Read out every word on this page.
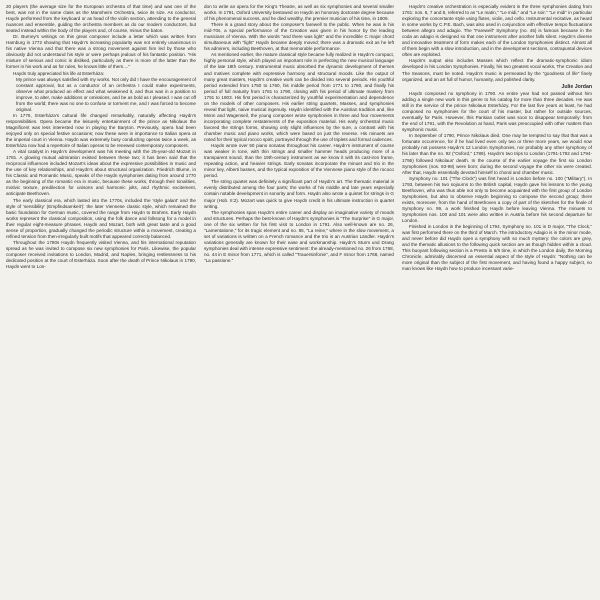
20 players (the average size for the European orchestra of that time) and was one of the best, was not in the same class as the Mannheim Orchestra, twice its size. As conductor, Haydn performed from the keyboard or as head of the violin section, attending to the general nuances and ensemble, guiding the orchestra members as do our modern conductors, but seated instead within the body of the players and, of course, minus the baton.

Dr. Burney's writings on this great composer include a letter which was written from Hamburg in 1772 showing that Haydn's increasing popularity was not entirely unanimous in his native Vienna and that there was a strong movement against him led by those who obviously did not understand his style or were perhaps jealous of his fantastic position. "His mixture of serious and comic is disliked, particularly as there is more of the latter than the former in his work and as for rules, he knows little of them...."

Haydn truly appreciated his life at Esterháza:

My prince was always satisfied with my works. Not only did I have the encouragement of constant approval, but as a conductor of an orchestra I could make experiments, observe what produced an effect and what weakened it, and thus was in a position to improve, to alter, make additions or omissions, and be as bold as I pleased. I was cut off from the world; there was no one to confuse or torment me, and I was forced to become original.

In 1776, Esterháza's cultural life changed remarkably, naturally affecting Haydn's responsibilities. Opera became the leisurely entertainment of the prince as Nikolaus the Magnificent was less interested now in playing the Baryton. Previously, opera had been enjoyed only on special festive occasions; now these were in importance to Italian opera at the imperial court in Vienna. Haydn was extremely busy conducting operas twice a week, as Esterháza now had a repertoire of Italian operas to be renewed contemporary composers.

A vital catalyst in Haydn's development was his meeting with the 25-year-old Mozart in 1781. A glowing mutual admiration existed between these two; it has been said that the reciprocal influences included Mozart's ideas about the expressive possibilities in music and the use of key relationships, and Haydn's about structural organization. Friedrich Blume, in his Classic and Romantic Music, speaks of the Haydn symphonies dating from around 1770 as the beginning of the romantic era in music, because these works, through their tonalities, motivic texture, predilection for unisons and harmonic jolts, and rhythmic excitement, anticipate Beethoven.

The early classical era, which lasted into the 1770s, included the 'style galant' and the style of 'sensibility' (Empfindsamkeit'): the later Viennese classic style, which remained the basic foundation for German music, covered the range from Haydn to Brahms. Early Haydn works represent the classical composition, using the folk dance and folksong for a model in their regular eight-measure phrases. Haydn and Mozart, both with great taste and a good sense of proportion, gradually changed the periodic structure within a movement, creating a refined tension from then-irregularly built motifs that appeared correctly balanced.

Throughout the 1780s Haydn frequently visited Vienna, and his international reputation spread as he was invited to compose six new symphonies for Paris. Likewise, the popular composer received invitations to London, Madrid, and Naples, bringing restlessness to his dedicated position at the court of Esterháza. Soon after the death of Prince Nikolaus in 1790, Haydn went to Lon-

don to write an opera for the King's Theatre, as well as six symphonies and several smaller works. In 1791, Oxford University bestowed on Haydn an honorary doctorate degree because of his phenomenal success, and he died wealthy, the premier musician of his time, in 1809.

There is a grand story about the composer's farewell to the public. When he was in his mid-70s, a special performance of the Creation was given in his honor by the leading musicians of Vienna. With the words "and there was light" and the incredible C major chord simultaneous with "light" Haydn became deeply moved; there was a dramatic exit as he left his admirers, including Beethoven, at that memorable performance.

As mentioned earlier, the mature classical style became fully realized in Haydn's compact, highly personal style, which played an important role in perfecting the new musical language of the late 18th century. Instrumental music absorbed the dynamic development of themes and motives complete with expressive harmony and structural moods. Like the output of many great masters, Haydn's creative work can be divided into several periods. His youthful period extended from 1750 to 1760, his middle period from 1771 to 1780, and finally his period of full maturity from 1781 to 1790, closing with his period of ultimate mastery from 1791 to 1803. His first period is characterized by youthful experimentation and dependence on the models of other composers. His earlier string quartets, Masses, and symphonies reveal that light, naive musical ingenuity. Haydn identified with the Austrian tradition and, like Monn and Wagenseil, the young composer wrote symphonies in three and four movements incorporating complete restatements of the exposition material. His early orchestral music favored the strings forms, showing only slight influences by the sure, a contrast with his chamber music and piano works, which were based on just the reverse. His minuets are noted for their typical rococo spirit, portrayed through the use of triplets and formal cadences.

Haydn wrote over 50 piano sonatas throughout his career. Haydn's instrument of course was weaker in tone, with thin strings and smaller hammer heads producing more of a transparent sound, than the 19th-century instrument as we know it with its cast-iron frame, repeating action, and heavier strings. Early sonatas incorporate the minuet and trio in the minor key, Alberti basses, and the typical exposition of the Viennese piano style of the rococo period.

The string quartet was definitely a significant part of Haydn's art. The thematic material is evenly distributed among the four parts; the works of his middle and late years especially contain notable development in sonority and form. Haydn also wrote a quintet for strings in G major (Hob. II:2). Mozart was quick to give Haydn credit in his ultimate instruction in quartet writing.

The symphonies span Haydn's entire career and display an imaginative variety of moods and structures. Perhaps the best-known of Haydn's symphonies is "The Surprise" in G major, one of the six written for his first visit to London in 1791. Also well-known are no. 26, "Lamentatione," for its tragic element and no. 85, "La reine," where in the slow movement, a set of variations is written on a French romance and the trio is an Austrian Ländler. Haydn's variations generally are known for their ease and workmanship. Haydn's Sturm und Drang symphonies deal with intense expressive sentiment: the already-mentioned no. 26 from 1768, no. 44 in E minor from 1771, which is called "Trauersinfonie", and F minor from 1768, named "La passione."

Haydn's creative orchestration is especially evident in the three symphonies dating from 1761: nos. 6, 7 and 8, referred to as "Le matin," "Le midi," and "Le soir." "Le midi" in particular exploring the concertante style using flutes, violin, and cello. Instrumental recitative, as heard in some works by C.P.E. Bach, was also used in conjunction with effective tempo fluctuations between allegro and adagio. The "Farewell" Symphony (no. 45) is famous because in the coda an adagio is designed so that one instrument after another falls silent. Haydn's diverse and innovative treatment of form makes each of the London Symphonies distinct. Almost all of them begin with a slow introduction, and in the development sections, contrapuntal devices often are exploited.

Haydn's output also includes Masses which reflect the dramatic-symphonic idiom developed in his London Symphonies. Finally, his two greatest vocal works, The Creation and The Seasons, must be noted. Haydn's music is permeated by the "goodness of life" finely organized, and an art full of humor, humanity, and polished clarity.

Julie Jordan

Haydn composed no symphony in 1790. An entire year had not passed without him adding a single new work in this genre to his catalog for more than three decades. He was still in the service of the prince Nikolaus Esterházy. For the last five years at least, he had composed no symphonies for the court of his master, but rather for outside sources, eventually for Paris. However, this Parisian outlet was soon to disappear temporarily: from the end of 1791, with the Revolution at hand, Paris was preoccupied with other matters than symphonic music.

In September of 1790, Prince Nikolaus died. One may be tempted to say that that was a fortunate occurrence, for if he had lived even only two or three more years, we would now probably not possess Haydn's 12 London Symphonies, nor probably any other symphony of his later than the no. 92 ("Oxford," 1789). Haydn's two trips to London (1791-1792 and 1794-1795) followed Nikolaus' death. In the course of the earlier voyage the first six London Symphonies (nos. 93-98) were born; during the second voyage the other six were created. After that, Haydn essentially devoted himself to choral and chamber music.

Symphony no. 101 ("The Clock") was first heard in London before no. 100 ("Military"). In 1793, between his two sojourns to the British capital, Haydn gave his lessons to the young Beethoven, who was thus able not only to become acquainted with the first group of London Symphonies, but also to observe Haydn beginning to compose the second group; there exists, moreover, from the hand of Beethoven a copy of part of the sketches for the finale of Symphony no. 99, a work finished by Haydn before leaving Vienna. The minuets to Symphonies nos. 100 and 101 were also written in Austria before his second departure for London.

Finished in London in the beginning of 1794, Symphony no. 101 in D major, "The Clock," was first performed there on the third of March. The introductory Adagio is in the minor mode, and never before did Haydn open a symphony with so much mystery: the colors are grey, and the thematic allusions to the following quick section are as though hidden within a cloud. This buoyant following section is a Presto in 6/8 time, in which the London daily, the Morning Chronicle, admirably discerned an essential aspect of the style of Haydn: "Nothing can be more original than the subject of the first movement, and having found a happy subject, no man knows like Haydn how to produce incessant varie-
